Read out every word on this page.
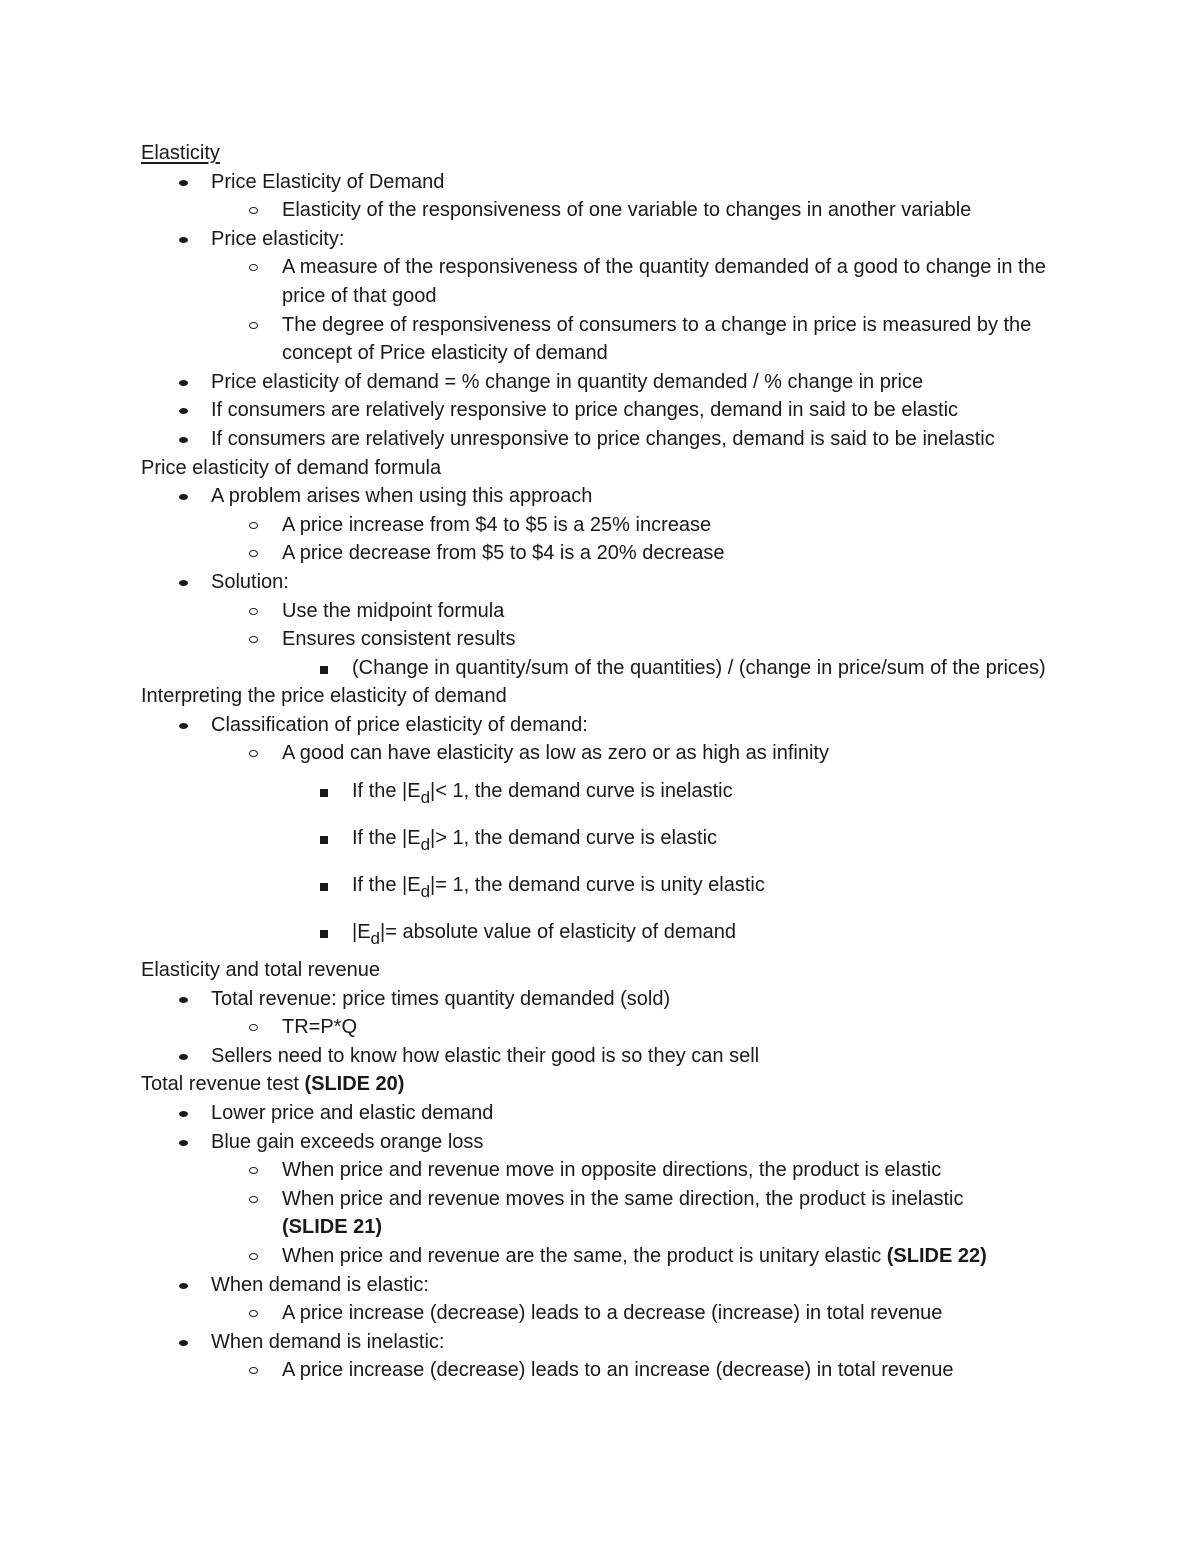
Elasticity
Price Elasticity of Demand
Elasticity of the responsiveness of one variable to changes in another variable
Price elasticity:
A measure of the responsiveness of the quantity demanded of a good to change in the price of that good
The degree of responsiveness of consumers to a change in price is measured by the concept of Price elasticity of demand
Price elasticity of demand = % change in quantity demanded / % change in price
If consumers are relatively responsive to price changes, demand in said to be elastic
If consumers are relatively unresponsive to price changes, demand is said to be inelastic
Price elasticity of demand formula
A problem arises when using this approach
A price increase from $4 to $5 is a 25% increase
A price decrease from $5 to $4 is a 20% decrease
Solution:
Use the midpoint formula
Ensures consistent results
(Change in quantity/sum of the quantities) / (change in price/sum of the prices)
Interpreting the price elasticity of demand
Classification of price elasticity of demand:
A good can have elasticity as low as zero or as high as infinity
If the $|E_d|< 1$, the demand curve is inelastic
If the $|E_d|> 1$, the demand curve is elastic
If the $|E_d|= 1$, the demand curve is unity elastic
$|E_d|=$ absolute value of elasticity of demand
Elasticity and total revenue
Total revenue: price times quantity demanded (sold)
TR=P*Q
Sellers need to know how elastic their good is so they can sell
Total revenue test (SLIDE 20)
Lower price and elastic demand
Blue gain exceeds orange loss
When price and revenue move in opposite directions, the product is elastic
When price and revenue moves in the same direction, the product is inelastic
(SLIDE 21)
When price and revenue are the same, the product is unitary elastic (SLIDE 22)
When demand is elastic:
A price increase (decrease) leads to a decrease (increase) in total revenue
When demand is inelastic:
A price increase (decrease) leads to an increase (decrease) in total revenue
